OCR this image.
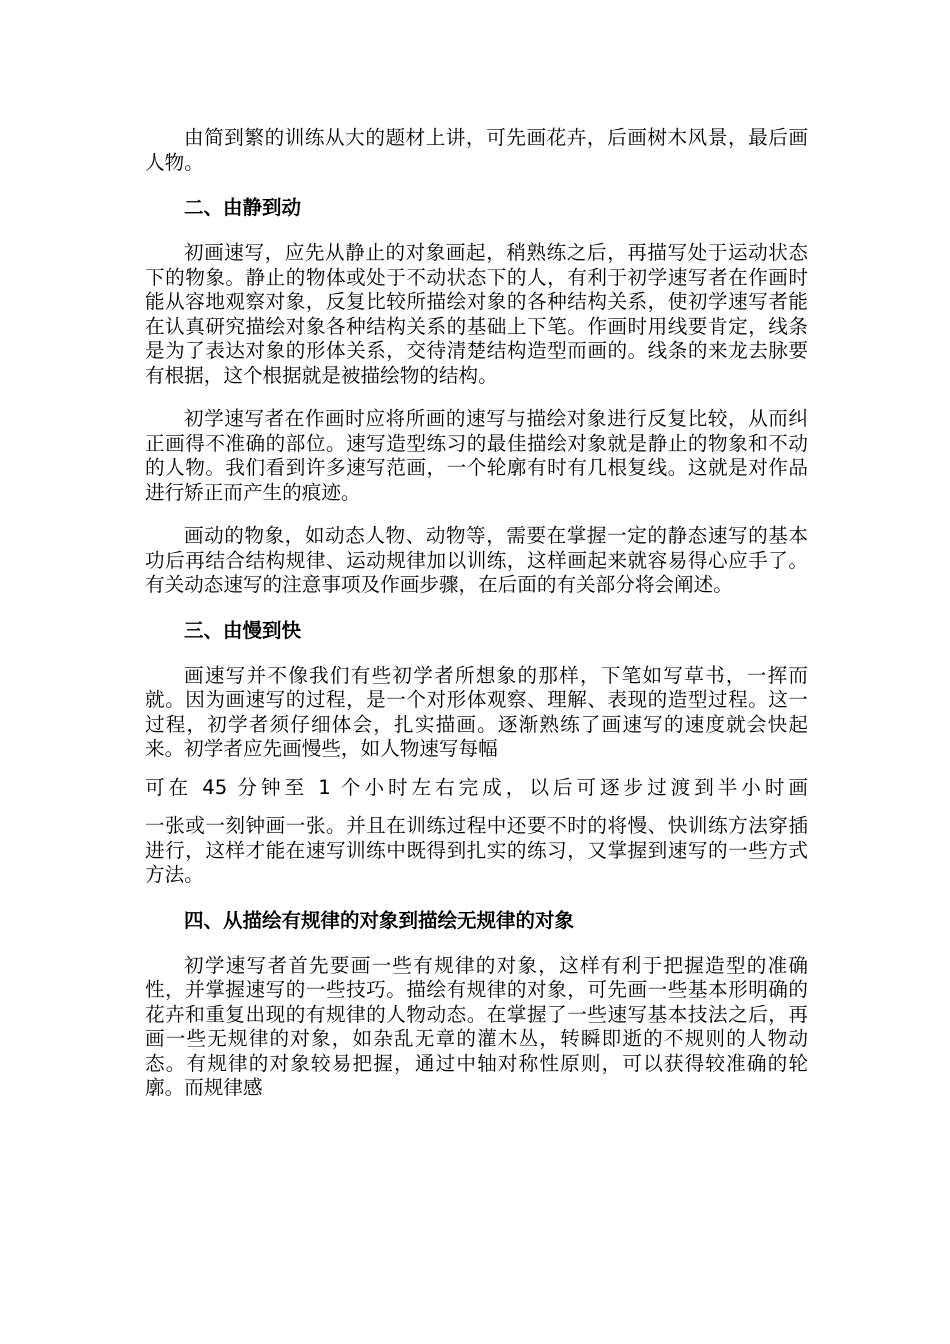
由简到繁的训练从大的题材上讲，可先画花卉，后画树木风景，最后画人物。

二、由静到动

初画速写，应先从静止的对象画起，稍熟练之后，再描写处于运动状态下的物象。静止的物体或处于不动状态下的人，有利于初学速写者在作画时能从容地观察对象，反复比较所描绘对象的各种结构关系，使初学速写者能在认真研究描绘对象各种结构关系的基础上下笔。作画时用线要肯定，线条是为了表达对象的形体关系，交待清楚结构造型而画的。线条的来龙去脉要有根据，这个根据就是被描绘物的结构。

初学速写者在作画时应将所画的速写与描绘对象进行反复比较，从而纠正画得不准确的部位。速写造型练习的最佳描绘对象就是静止的物象和不动的人物。我们看到许多速写范画，一个轮廓有时有几根复线。这就是对作品进行矫正而产生的痕迹。

画动的物象，如动态人物、动物等，需要在掌握一定的静态速写的基本功后再结合结构规律、运动规律加以训练，这样画起来就容易得心应手了。有关动态速写的注意事项及作画步骤，在后面的有关部分将会阐述。

三、由慢到快

画速写并不像我们有些初学者所想象的那样，下笔如写草书，一挥而就。因为画速写的过程，是一个对形体观察、理解、表现的造型过程。这一过程，初学者须仔细体会，扎实描画。逐渐熟练了画速写的速度就会快起来。初学者应先画慢些，如人物速写每幅

可在 45 分钟至 1 个小时左右完成，以后可逐步过渡到半小时画

一张或一刻钟画一张。并且在训练过程中还要不时的将慢、快训练方法穿插进行，这样才能在速写训练中既得到扎实的练习，又掌握到速写的一些方式方法。

四、从描绘有规律的对象到描绘无规律的对象

初学速写者首先要画一些有规律的对象，这样有利于把握造型的准确性，并掌握速写的一些技巧。描绘有规律的对象，可先画一些基本形明确的花卉和重复出现的有规律的人物动态。在掌握了一些速写基本技法之后，再画一些无规律的对象，如杂乱无章的灌木丛，转瞬即逝的不规则的人物动态。有规律的对象较易把握，通过中轴对称性原则，可以获得较准确的轮廓。而规律感
